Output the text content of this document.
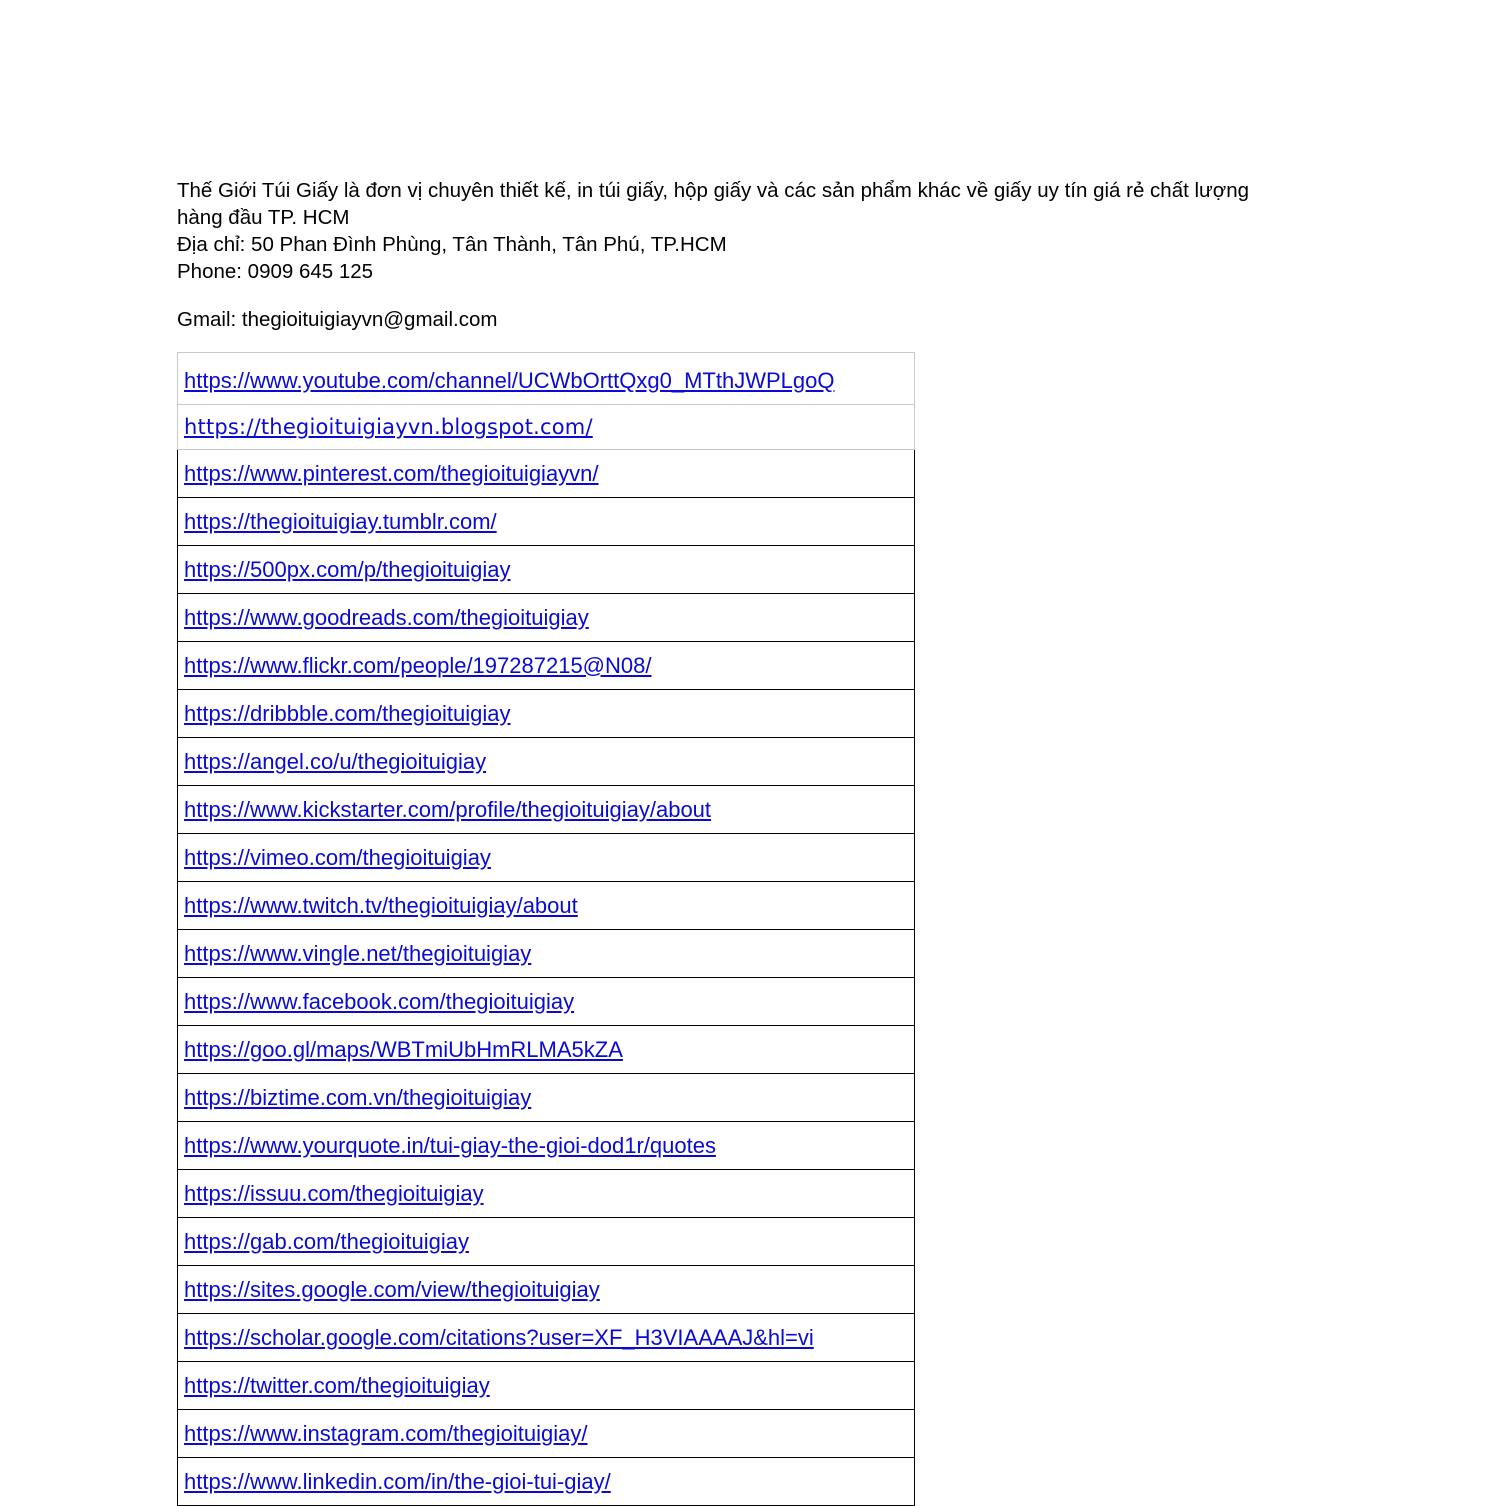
Thế Giới Túi Giấy là đơn vị chuyên thiết kế, in túi giấy, hộp giấy và các sản phẩm khác về giấy uy tín giá rẻ chất lượng hàng đầu TP. HCM

Địa chỉ: 50 Phan Đình Phùng, Tân Thành, Tân Phú, TP.HCM

Phone: 0909 645 125

Gmail: thegioituigiayvn@gmail.com
https://www.youtube.com/channel/UCWbOrttQxg0_MTthJWPLgoQ
https://thegioituigiayvn.blogspot.com/
https://www.pinterest.com/thegioituigiayvn/
https://thegioituigiay.tumblr.com/
https://500px.com/p/thegioituigiay
https://www.goodreads.com/thegioituigiay
https://www.flickr.com/people/197287215@N08/
https://dribbble.com/thegioituigiay
https://angel.co/u/thegioituigiay
https://www.kickstarter.com/profile/thegioituigiay/about
https://vimeo.com/thegioituigiay
https://www.twitch.tv/thegioituigiay/about
https://www.vingle.net/thegioituigiay
https://www.facebook.com/thegioituigiay
https://goo.gl/maps/WBTmiUbHmRLMA5kZA
https://biztime.com.vn/thegioituigiay
https://www.yourquote.in/tui-giay-the-gioi-dod1r/quotes
https://issuu.com/thegioituigiay
https://gab.com/thegioituigiay
https://sites.google.com/view/thegioituigiay
https://scholar.google.com/citations?user=XF_H3VIAAAAJ&hl=vi
https://twitter.com/thegioituigiay
https://www.instagram.com/thegioituigiay/
https://www.linkedin.com/in/the-gioi-tui-giay/
